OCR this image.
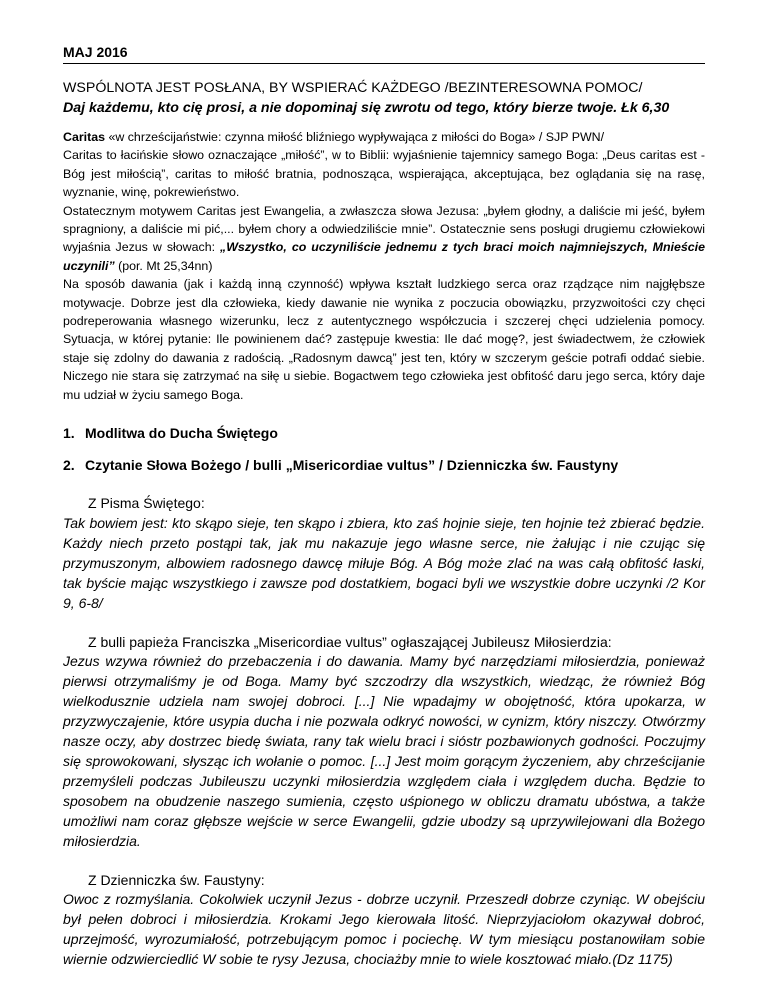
MAJ 2016
WSPÓLNOTA JEST POSŁANA, BY WSPIERAĆ KAŻDEGO /BEZINTERESOWNA POMOC/
Daj każdemu, kto cię prosi, a nie dopominaj się zwrotu od tego, który bierze twoje. Łk 6,30

Caritas «w chrześcijaństwie: czynna miłość bliźniego wypływająca z miłości do Boga» / SJP PWN/

Caritas to łacińskie słowo oznaczające „miłość”, w to Biblii: wyjaśnienie tajemnicy samego Boga: „Deus caritas est - Bóg jest miłością”, caritas to miłość bratnia, podnosząca, wspierająca, akceptująca, bez oglądania się na rasę, wyznanie, winę, pokrewieństwo.

Ostatecznym motywem Caritas jest Ewangelia, a zwłaszcza słowa Jezusa: „byłem głodny, a daliście mi jeść, byłem spragniony, a daliście mi pić,... byłem chory a odwiedziliście mnie”. Ostatecznie sens posługi drugiemu człowiekowi wyjaśnia Jezus w słowach: „Wszystko, co uczyniliście jednemu z tych braci moich najmniejszych, Mnieście uczynili” (por. Mt 25,34nn)

Na sposób dawania (jak i każdą inną czynność) wpływa kształt ludzkiego serca oraz rządzące nim najgłębsze motywacje. Dobrze jest dla człowieka, kiedy dawanie nie wynika z poczucia obowiązku, przyzwoitości czy chęci podreperowania własnego wizerunku, lecz z autentycznego współczucia i szczerej chęci udzielenia pomocy. Sytuacja, w której pytanie: Ile powinienem dać? zastępuje kwestia: Ile dać mogę?, jest świadectwem, że człowiek staje się zdolny do dawania z radością. „Radosnym dawcą” jest ten, który w szczerym geście potrafi oddać siebie. Niczego nie stara się zatrzymać na siłę u siebie. Bogactwem tego człowieka jest obfitość daru jego serca, który daje mu udział w życiu samego Boga.

1. Modlitwa do Ducha Świętego
2. Czytanie Słowa Bożego / bulli „Misericordiae vultus” / Dzienniczka św. Faustyny
Z Pisma Świętego:
Tak bowiem jest: kto skąpo sieje, ten skąpo i zbiera, kto zaś hojnie sieje, ten hojnie też zbierać będzie. Każdy niech przeto postąpi tak, jak mu nakazuje jego własne serce, nie żałując i nie czując się przymuszonym, albowiem radosnego dawcę miłuje Bóg. A Bóg może zlać na was całą obfitość łaski, tak byście mając wszystkiego i zawsze pod dostatkiem, bogaci byli we wszystkie dobre uczynki /2 Kor 9, 6-8/
Z bulli papieża Franciszka „Misericordiae vultus” ogłaszającej Jubileusz Miłosierdzia:
Jezus wzywa również do przebaczenia i do dawania. Mamy być narzędziami miłosierdzia, ponieważ pierwsi otrzymaliśmy je od Boga. Mamy być szczodrzy dla wszystkich, wiedząc, że również Bóg wielkodusznie udziela nam swojej dobroci. [...] Nie wpadajmy w obojętność, która upokarza, w przyzwyczajenie, które usypia ducha i nie pozwala odkryć nowości, w cynizm, który niszczy. Otwórzmy nasze oczy, aby dostrzec biedę świata, rany tak wielu braci i sióstr pozbawionych godności. Poczujmy się sprowokowani, słysząc ich wołanie o pomoc. [...] Jest moim gorącym życzeniem, aby chrześcijanie przemyśleli podczas Jubileuszu uczynki miłosierdzia względem ciała i względem ducha. Będzie to sposobem na obudzenie naszego sumienia, często uśpionego w obliczu dramatu ubóstwa, a także umożliwi nam coraz głębsze wejście w serce Ewangelii, gdzie ubodzy są uprzywilejowani dla Bożego miłosierdzia.
Z Dzienniczka św. Faustyny:
Owoc z rozmyślania. Cokolwiek uczynił Jezus - dobrze uczynił. Przeszedł dobrze czyniąc. W obejściu był pełen dobroci i miłosierdzia. Krokami Jego kierowała litość. Nieprzyjaciołom okazywał dobroć, uprzejmość, wyrozumiałość, potrzebującym pomoc i pociechę. W tym miesiącu postanowiłam sobie wiernie odzwierciedlić W sobie te rysy Jezusa, chociażby mnie to wiele kosztować miało.(Dz 1175)
